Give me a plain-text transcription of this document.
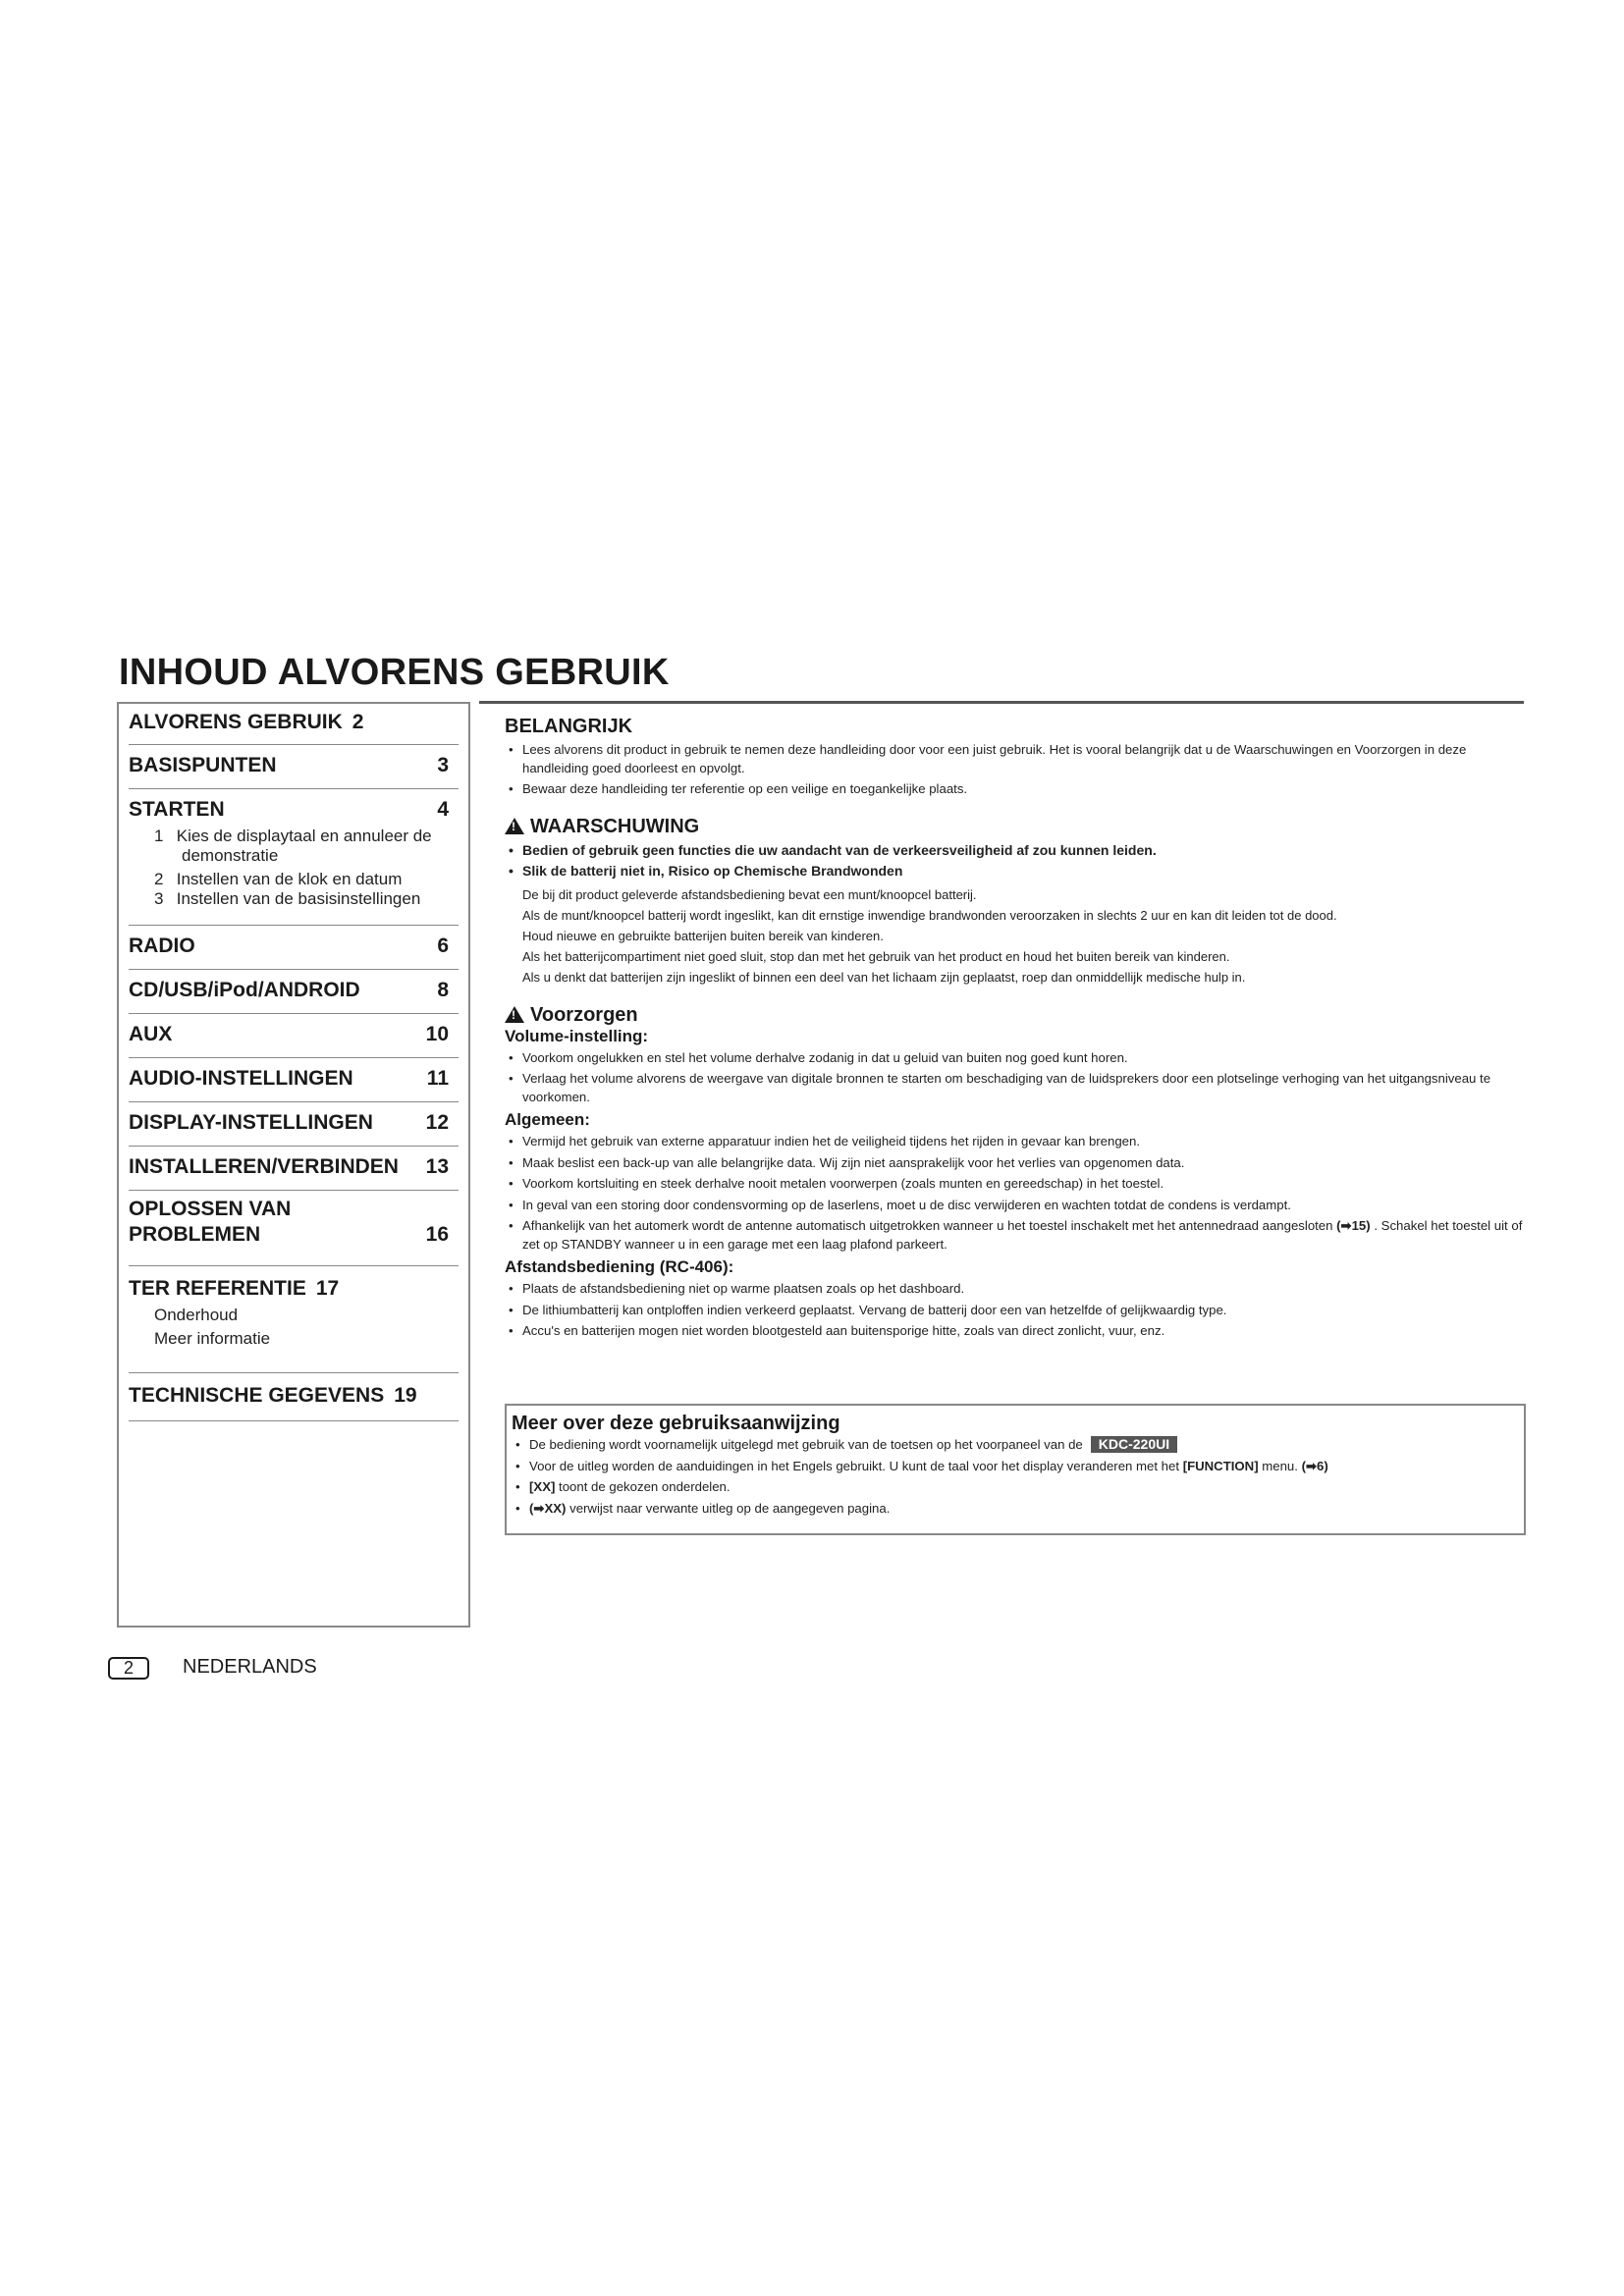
INHOUD ALVORENS GEBRUIK
ALVORENS GEBRUIK 2
BASISPUNTEN	3
STARTEN	4
1 Kies de displaytaal en annuleer de
demonstratie
2 Instellen van de klok en datum
3 Instellen van de basisinstellingen
RADIO	6
CD/USB/iPod/ANDROID	8
AUX	10
AUDIO-INSTELLINGEN	11
DISPLAY-INSTELLINGEN	12
INSTALLEREN/VERBINDEN 13
OPLOSSEN VAN
PROBLEMEN	16
TER REFERENTIE 17
Onderhoud
Meer informatie
TECHNISCHE GEGEVENS 19
BELANGRIJK

• Lees alvorens dit product in gebruik te nemen deze handleiding door voor een juist gebruik. Het is vooral belangrijk dat u de Waarschuwingen en Voorzorgen in deze handleiding goed doorleest en opvolgt.

• Bewaar deze handleiding ter referentie op een veilige en toegankelijke plaats.

!
WAARSCHUWING

• Bedien of gebruik geen functies die uw aandacht van de verkeersveiligheid af zou kunnen leiden.

• Slik de batterij niet in, Risico op Chemische Brandwonden

De bij dit product geleverde afstandsbediening bevat een munt/knoopcel batterij.

Als de munt/knoopcel batterij wordt ingeslikt, kan dit ernstige inwendige brandwonden veroorzaken in slechts 2 uur en kan dit leiden tot de dood.

Houd nieuwe en gebruikte batterijen buiten bereik van kinderen.

Als het batterijcompartiment niet goed sluit, stop dan met het gebruik van het product en houd het buiten bereik van kinderen.

Als u denkt dat batterijen zijn ingeslikt of binnen een deel van het lichaam zijn geplaatst, roep dan onmiddellijk medische hulp in.

!
Voorzorgen
Volume-instelling:

• Voorkom ongelukken en stel het volume derhalve zodanig in dat u geluid van buiten nog goed kunt horen.

• Verlaag het volume alvorens de weergave van digitale bronnen te starten om beschadiging van de luidsprekers door een plotselinge verhoging van het uitgangsniveau te voorkomen.

Algemeen:

• Vermijd het gebruik van externe apparatuur indien het de veiligheid tijdens het rijden in gevaar kan brengen.

• Maak beslist een back-up van alle belangrijke data. Wij zijn niet aansprakelijk voor het verlies van opgenomen data.

• Voorkom kortsluiting en steek derhalve nooit metalen voorwerpen (zoals munten en gereedschap) in het toestel.

• In geval van een storing door condensvorming op de laserlens, moet u de disc verwijderen en wachten totdat de condens is verdampt.

• Afhankelijk van het automerk wordt de antenne automatisch uitgetrokken wanneer u het toestel inschakelt met het antennedraad aangesloten (➡15) . Schakel het toestel uit of zet op STANDBY wanneer u in een garage met een laag plafond parkeert.

Afstandsbediening (RC-406):

• Plaats de afstandsbediening niet op warme plaatsen zoals op het dashboard.

• De lithiumbatterij kan ontploffen indien verkeerd geplaatst. Vervang de batterij door een van hetzelfde of gelijkwaardig type.

• Accu's en batterijen mogen niet worden blootgesteld aan buitensporige hitte, zoals van direct zonlicht, vuur, enz.

Meer over deze gebruiksaanwijzing

• De bediening wordt voornamelijk uitgelegd met gebruik van de toetsen op het voorpaneel van de KDC-220UI

• Voor de uitleg worden de aanduidingen in het Engels gebruikt. U kunt de taal voor het display veranderen met het [FUNCTION] menu. (➡6)

• [XX] toont de gekozen onderdelen.

• (➡XX) verwijst naar verwante uitleg op de aangegeven pagina.

2	NEDERLANDS
